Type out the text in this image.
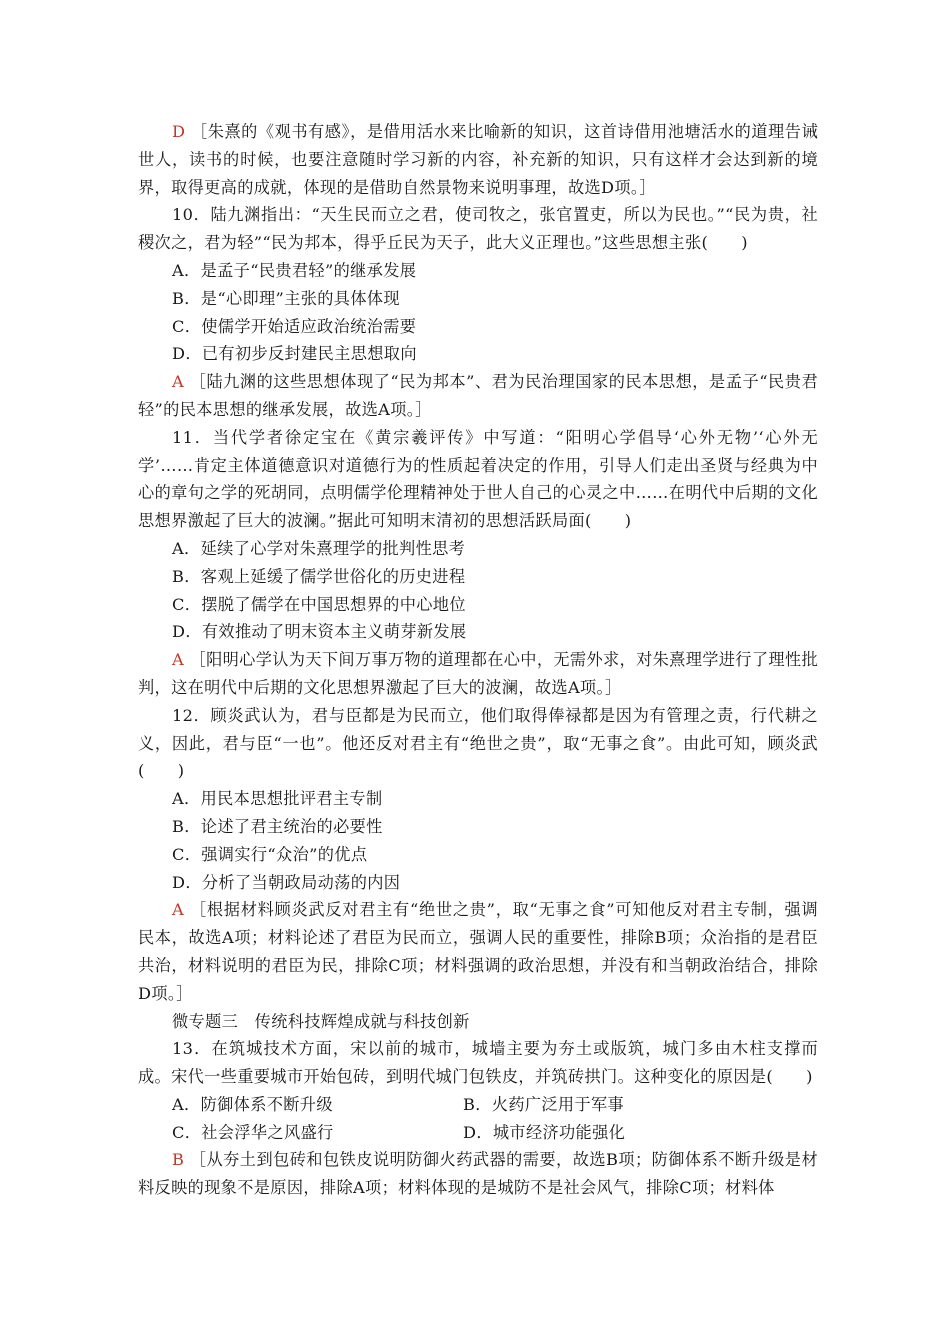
D ［朱熹的《观书有感》，是借用活水来比喻新的知识，这首诗借用池塘活水的道理告诫世人，读书的时候，也要注意随时学习新的内容，补充新的知识，只有这样才会达到新的境界，取得更高的成就，体现的是借助自然景物来说明事理，故选D项。］

10．陆九渊指出：“天生民而立之君，使司牧之，张官置吏，所以为民也。”“民为贵，社稷次之，君为轻”“民为邦本，得乎丘民为天子，此大义正理也。”这些思想主张(　　)

A．是孟子“民贵君轻”的继承发展

B．是“心即理”主张的具体体现

C．使儒学开始适应政治统治需要

D．已有初步反封建民主思想取向

A ［陆九渊的这些思想体现了“民为邦本”、君为民治理国家的民本思想，是孟子“民贵君轻”的民本思想的继承发展，故选A项。］

11．当代学者徐定宝在《黄宗羲评传》中写道：“阳明心学倡导‘心外无物’‘心外无学’……肯定主体道德意识对道德行为的性质起着决定的作用，引导人们走出圣贤与经典为中心的章句之学的死胡同，点明儒学伦理精神处于世人自己的心灵之中……在明代中后期的文化思想界激起了巨大的波澜。”据此可知明末清初的思想活跃局面(　　)

A．延续了心学对朱熹理学的批判性思考

B．客观上延缓了儒学世俗化的历史进程

C．摆脱了儒学在中国思想界的中心地位

D．有效推动了明末资本主义萌芽新发展

A ［阳明心学认为天下间万事万物的道理都在心中，无需外求，对朱熹理学进行了理性批判，这在明代中后期的文化思想界激起了巨大的波澜，故选A项。］

12．顾炎武认为，君与臣都是为民而立，他们取得俸禄都是因为有管理之责，行代耕之义，因此，君与臣“一也”。他还反对君主有“绝世之贵”，取“无事之食”。由此可知，顾炎武(　　)

A．用民本思想批评君主专制

B．论述了君主统治的必要性

C．强调实行“众治”的优点

D．分析了当朝政局动荡的内因

A ［根据材料顾炎武反对君主有“绝世之贵”，取“无事之食”可知他反对君主专制，强调民本，故选A项；材料论述了君臣为民而立，强调人民的重要性，排除B项；众治指的是君臣共治，材料说明的君臣为民，排除C项；材料强调的政治思想，并没有和当朝政治结合，排除D项。］

微专题三　传统科技辉煌成就与科技创新

13．在筑城技术方面，宋以前的城市，城墙主要为夯土或版筑，城门多由木柱支撑而成。宋代一些重要城市开始包砖，到明代城门包铁皮，并筑砖拱门。这种变化的原因是(　　)

A．防御体系不断升级	B．火药广泛用于军事

C．社会浮华之风盛行	D．城市经济功能强化

B ［从夯土到包砖和包铁皮说明防御火药武器的需要，故选B项；防御体系不断升级是材料反映的现象不是原因，排除A项；材料体现的是城防不是社会风气，排除C项；材料体
